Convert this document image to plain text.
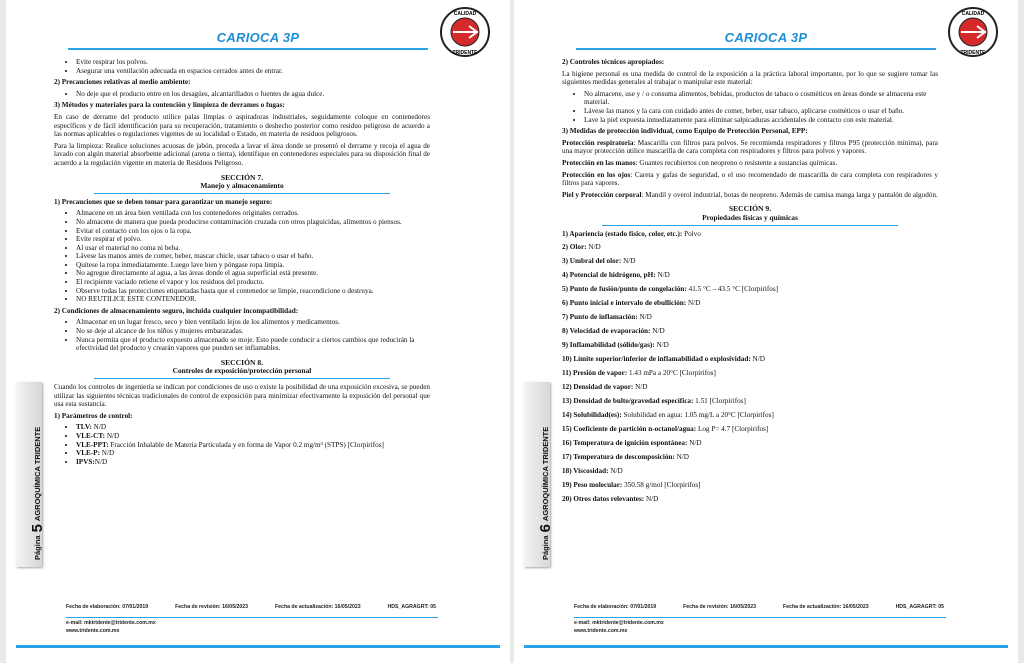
CARIOCA 3P
CALIDAD
TRIDENTE
Página5AGROQUÍMICA TRIDENTE
• Evite respirar los polvos.
• Asegurar una ventilación adecuada en espacios cerrados antes de entrar.

2) Precauciones relativas al medio ambiente:

• No deje que el producto entre en los desagües, alcantarillados o fuentes de agua dulce.

3) Métodos y materiales para la contención y limpieza de derrames o fugas:

En caso de derrame del producto utilice palas limpias o aspiradoras industriales, seguidamente coloque en contenedores específicos y de fácil identificación para su recuperación, tratamiento o deshecho posterior como residuo peligroso de acuerdo a las normas aplicables o regulaciones vigentes de su localidad o Estado, en materia de residuos peligrosos.

Para la limpieza: Realice soluciones acuosas de jabón, proceda a lavar el área donde se presentó el derrame y recoja el agua de lavado con algún material absorbente adicional (arena o tierra), identifique en contenedores especiales para su disposición final de acuerdo a la regulación vigente en materia de Residuos Peligroso.

SECCIÓN 7.
Manejo y almacenamiento

1) Precauciones que se deben tomar para garantizar un manejo seguro:

• Almacene en un área bien ventilada con los contenedores originales cerrados.
• No almacene de manera que pueda producirse contaminación cruzada con otros plaguicidas, alimentos o piensos.
• Evitar el contacto con los ojos o la ropa.
• Evite respirar el polvo.
• Al usar el material no coma ni beba.
• Lávese las manos antes de comer, beber, mascar chicle, usar tabaco o usar el baño.
• Quítese la ropa inmediatamente. Luego lave bien y póngase ropa limpia.
• No agregue directamente al agua, a las áreas donde el agua superficial está presente.
• El recipiente vaciado retiene el vapor y los residuos del producto.
• Observe todas las protecciones etiquetadas hasta que el contenedor se limpie, reacondicione o destruya.
• NO REUTILICE ESTE CONTENEDOR.

2) Condiciones de almacenamiento seguro, incluida cualquier incompatibilidad:

• Almacenar en un lugar fresco, seco y bien ventilado lejos de los alimentos y medicamentos.
• No se deje al alcance de los niños y mujeres embarazadas.
• Nunca permita que el producto expuesto almacenado se moje. Esto puede conducir a ciertos cambios que reducirán la efectividad del producto y crearán vapores que pueden ser inflamables.
SECCIÓN 8.
Controles de exposición/protección personal

Cuando los controles de ingeniería se indican por condiciones de uso o existe la posibilidad de una exposición excesiva, se pueden utilizar las siguientes técnicas tradicionales de control de exposición para minimizar efectivamente la exposición del personal que usa esta sustancia.

1) Parámetros de control:

• TLV: N/D
• VLE-CT: N/D
• VLE-PPT: Fracción Inhalable de Materia Particulada y en forma de Vapor 0.2 mg/m³ (STPS) [Clorpirifos]
• VLE-P: N/D
• IPVS:N/D
Fecha de elaboración: 07/01/2019	Fecha de revisión: 16/05/2023	Fecha de actualización: 16/05/2023	HDS_AGRAGRT: 05
e-mail: mktridente@tridente.com.mx
www.tridente.com.mx
CARIOCA 3P
CALIDAD
TRIDENTE
Página6AGROQUÍMICA TRIDENTE

2) Controles técnicos apropiados:

La higiene personal es una medida de control de la exposición a la práctica laboral importante, por lo que se sugiere tomar las siguientes medidas generales al trabajar o manipular este material:

• No almacene, use y / o consuma alimentos, bebidas, productos de tabaco o cosméticos en áreas donde se almacena este material.
• Lávese las manos y la cara con cuidado antes de comer, beber, usar tabaco, aplicarse cosméticos o usar el baño.
• Lave la piel expuesta inmediatamente para eliminar salpicaduras accidentales de contacto con este material.

3) Medidas de protección individual, como Equipo de Protección Personal, EPP:

Protección respiratoria: Mascarilla con filtros para polvos. Se recomienda respiradores y filtros P95 (protección mínima), para una mayor protección utilice mascarilla de cara completa con respiradores y filtros para polvos y vapores.

Protección en las manos: Guantes recubiertos con neopreno o resistente a sustancias químicas.

Protección en los ojos: Careta y gafas de seguridad, o el uso recomendado de mascarilla de cara completa con respiradores y filtros para vapores.

Piel y Protección corporal: Mandil y overol industrial, botas de neopreno. Además de camisa manga larga y pantalón de algodón.

SECCIÓN 9.
Propiedades físicas y químicas
1) Apariencia (estado físico, color, etc.): Polvo
2) Olor: N/D
3) Umbral del olor: N/D
4) Potencial de hidrógeno, pH: N/D
5) Punto de fusión/punto de congelación: 41.5 °C – 43.5 °C [Clorpirifos]
6) Punto inicial e intervalo de ebullición: N/D
7) Punto de inflamación: N/D
8) Velocidad de evaporación: N/D
9) Inflamabilidad (sólido/gas): N/D
10) Límite superior/inferior de inflamabilidad o explosividad: N/D
11) Presión de vapor: 1.43 mPa a 20°C [Clorpirifos]
12) Densidad de vapor: N/D
13) Densidad de bulto/gravedad específica: 1.51 [Clorpirifos]
14) Solubilidad(es): Solubilidad en agua: 1.05 mg/L a 20°C [Clorpirifos]
15) Coeficiente de partición n-octanol/agua: Log P= 4.7 [Clorpirifos]
16) Temperatura de ignición espontánea: N/D
17) Temperatura de descomposición: N/D
18) Viscosidad: N/D
19) Peso molecular: 350.58 g/mol [Clorpirifos]
20) Otros datos relevantes: N/D
Fecha de elaboración: 07/01/2019	Fecha de revisión: 16/05/2023	Fecha de actualización: 16/05/2023	HDS_AGRAGRT: 05
e-mail: mktridente@tridente.com.mx
www.tridente.com.mx
